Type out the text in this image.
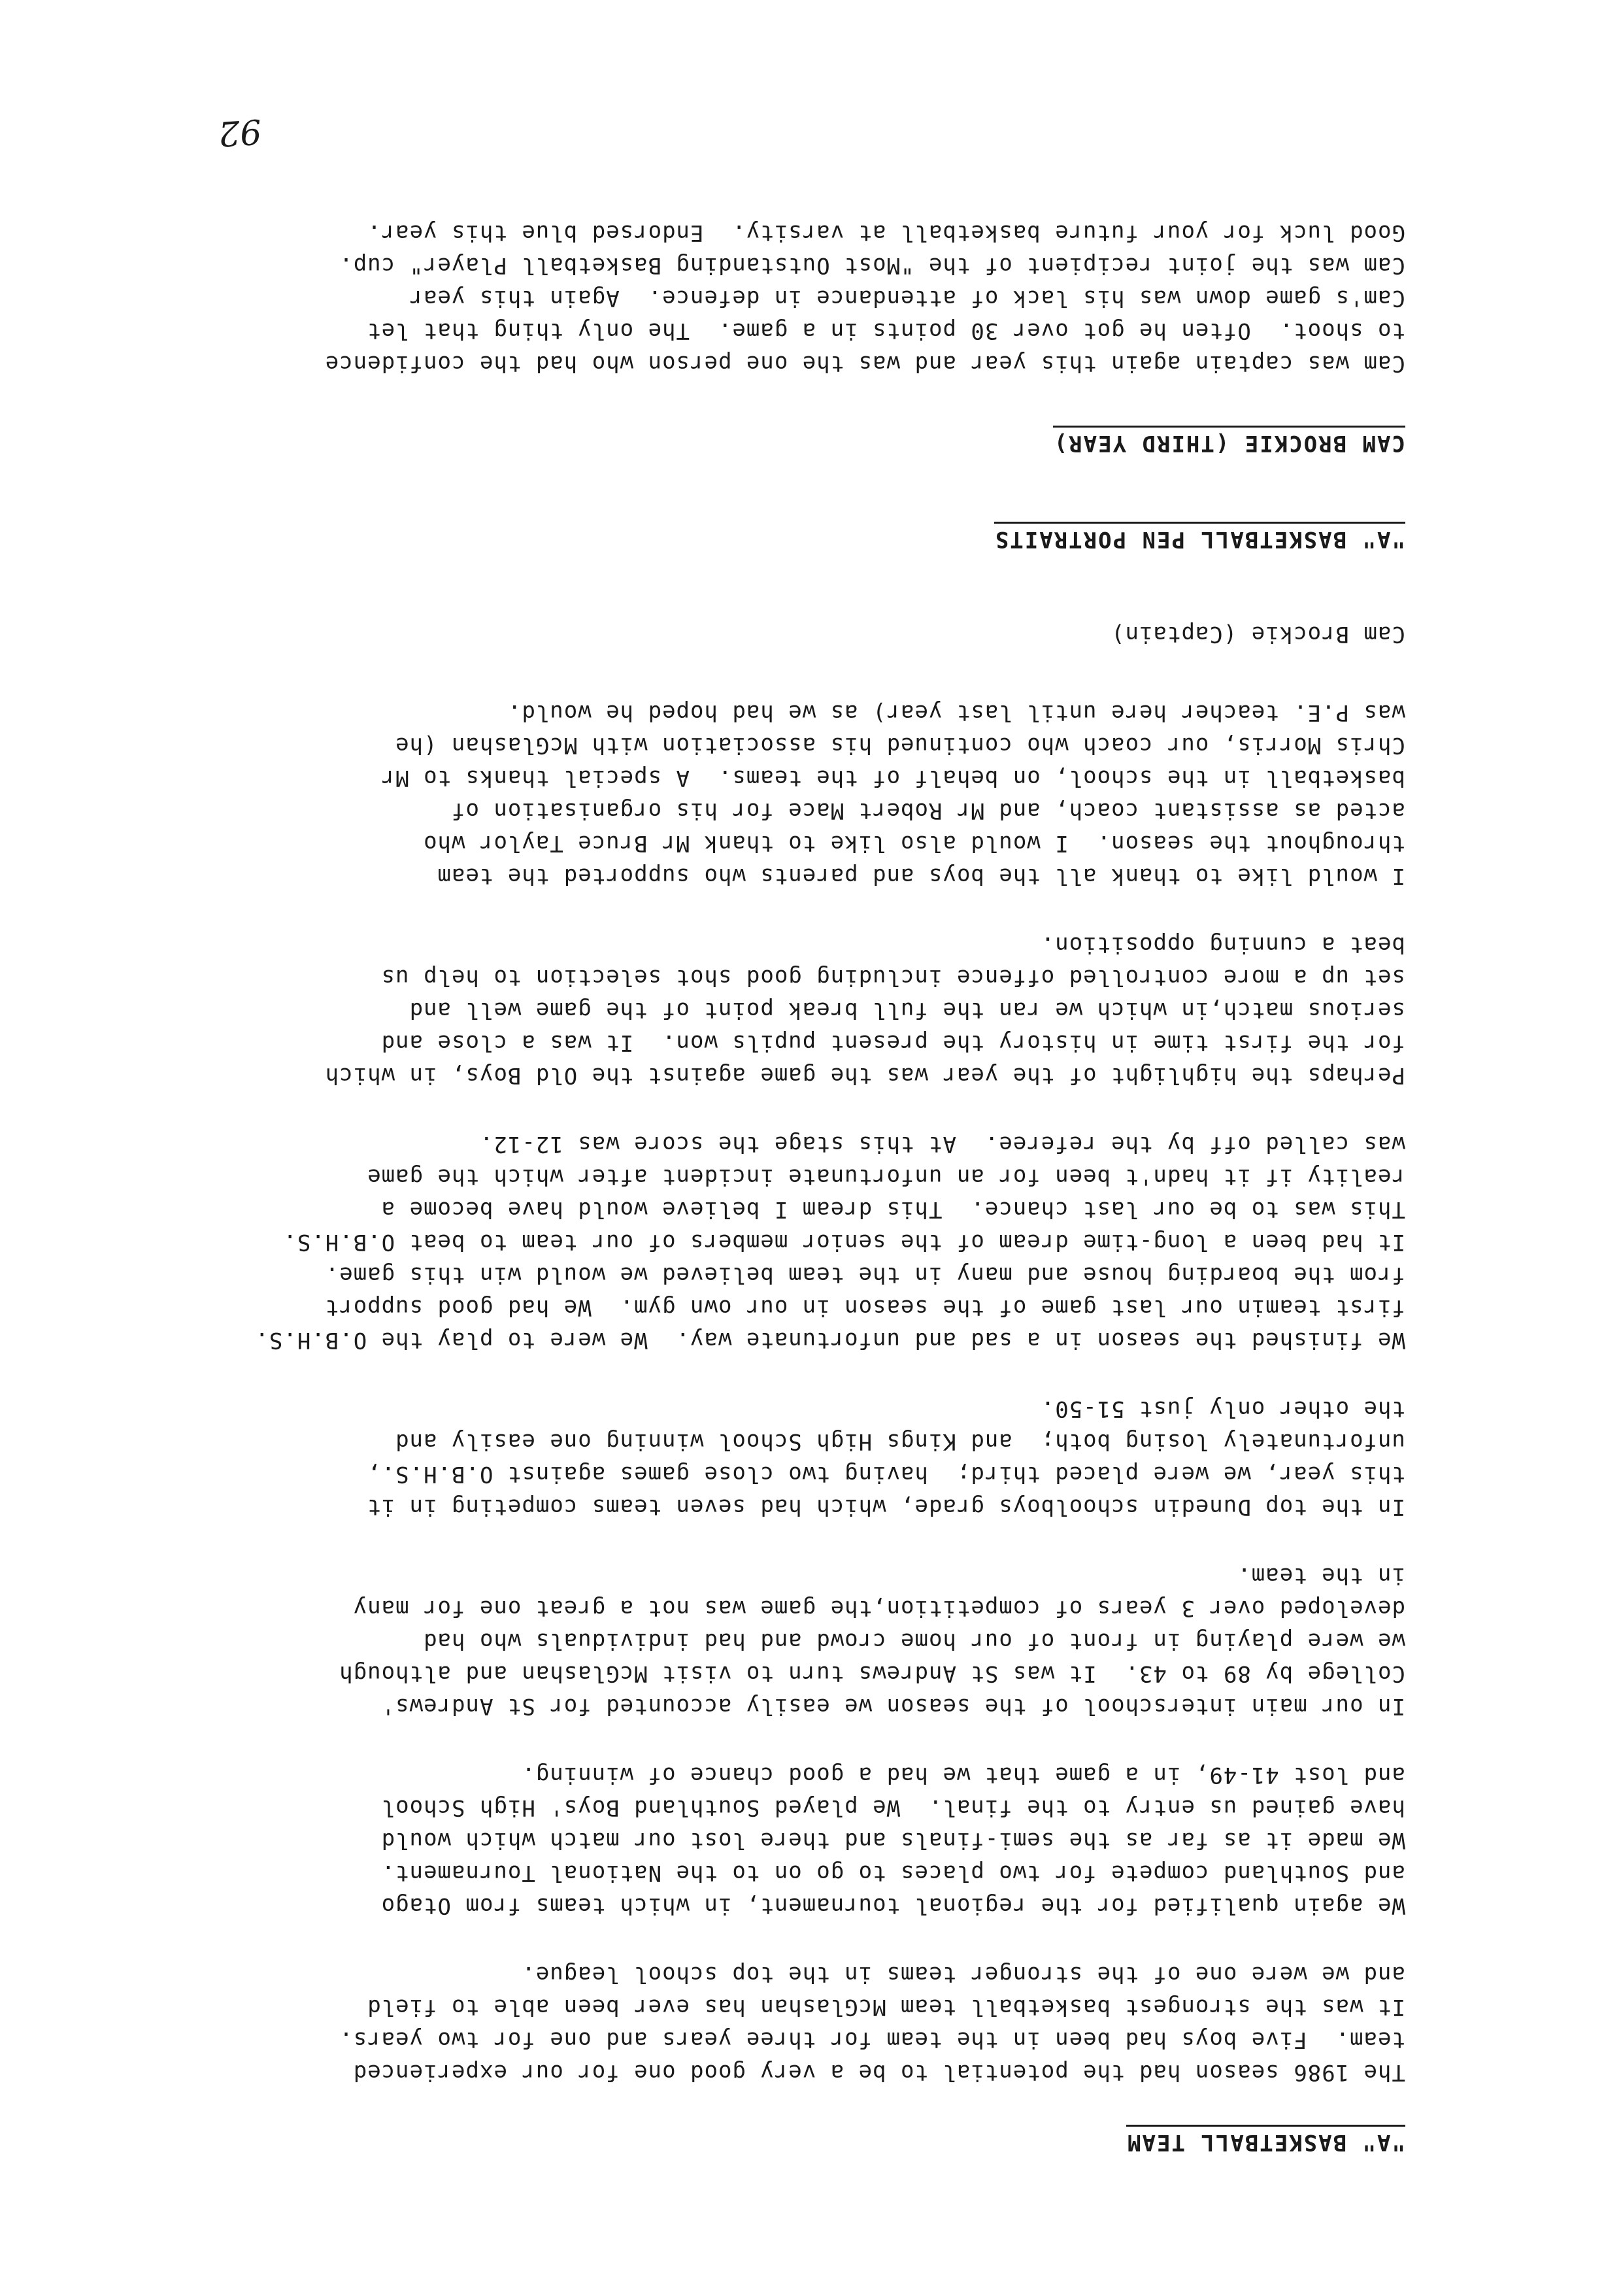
"A" BASKETBALL TEAM

The 1986 season had the potential to be a very good one for our experienced
team.  Five boys had been in the team for three years and one for two years.
It was the strongest basketball team McGlashan has ever been able to field
and we were one of the stronger teams in the top school league.

We again qualified for the regional tournament, in which teams from Otago
and Southland compete for two places to go on to the National Tournament.
We made it as far as the semi-finals and there lost our match which would
have gained us entry to the final.  We played Southland Boys' High School
and lost 41-49, in a game that we had a good chance of winning.

In our main interschool of the season we easily accounted for St Andrews'
College by 89 to 43.  It was St Andrews turn to visit McGlashan and although
we were playing in front of our home crowd and had individuals who had
developed over 3 years of competition,the game was not a great one for many
in the team.

In the top Dunedin schoolboys grade, which had seven teams competing in it
this year, we were placed third;  having two close games against O.B.H.S.,
unfortunately losing both;  and Kings High School winning one easily and
the other only just 51-50.

We finished the season in a sad and unfortunate way.  We were to play the O.B.H.S.
first teamin our last game of the season in our own gym.  We had good support
from the boarding house and many in the team believed we would win this game.
It had been a long-time dream of the senior members of our team to beat O.B.H.S.
This was to be our last chance.  This dream I believe would have become a
reality if it hadn't been for an unfortunate incident after which the game
was called off by the referee.  At this stage the score was 12-12.

Perhaps the highlight of the year was the game against the Old Boys, in which
for the first time in history the present pupils won.  It was a close and
serious match,in which we ran the full break point of the game well and
set up a more controlled offence including good shot selection to help us
beat a cunning opposition.

I would like to thank all the boys and parents who supported the team
throughout the season.  I would also like to thank Mr Bruce Taylor who
acted as assistant coach, and Mr Robert Mace for his organisation of
basketball in the school, on behalf of the teams.  A special thanks to Mr
Chris Morris, our coach who continued his association with McGlashan (he
was P.E. teacher here until last year) as we had hoped he would.

Cam Brockie (Captain)

"A" BASKETBALL PEN PORTRAITS
CAM BROCKIE (THIRD YEAR)

Cam was captain again this year and was the one person who had the confidence
to shoot.  Often he got over 30 points in a game.  The only thing that let
Cam's game down was his lack of attendance in defence.  Again this year
Cam was the joint recipient of the "Most Outstanding Basketball Player" cup.
Good luck for your future basketball at varsity.  Endorsed blue this year.

92
